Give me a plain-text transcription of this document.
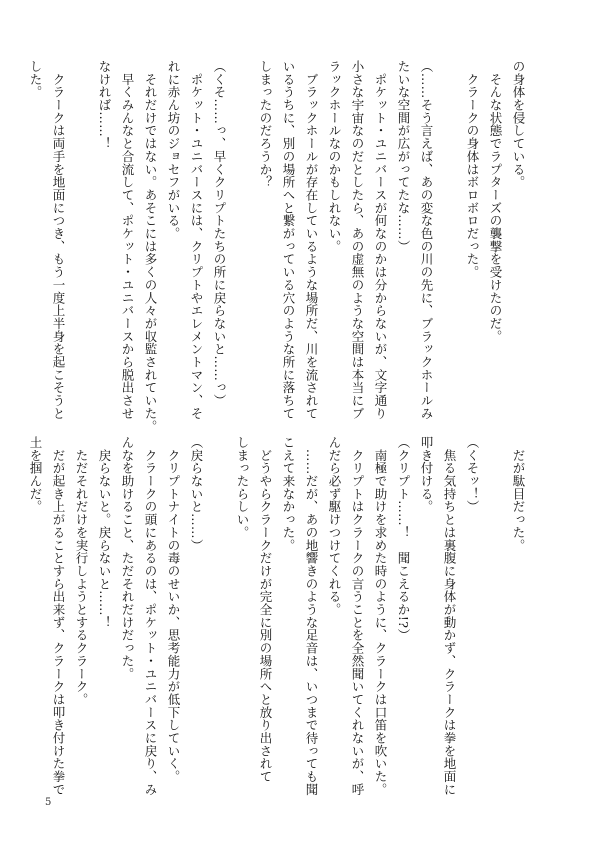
の身体を侵している。
　そんな状態でラプターズの襲撃を受けたのだ。
　クラークの身体はボロボロだった。
（……そう言えば、あの変な色の川の先に、ブラックホールみ
たいな空間が広がってたな……）
　ポケット・ユニバースが何なのかは分からないが、文字通り
小さな宇宙なのだとしたら、あの虚無のような空間は本当にブ
ラックホールなのかもしれない。
　ブラックホールが存在しているような場所だ、川を流されて
いるうちに、別の場所へと繋がっている穴のような所に落ちて
しまったのだろうか？
（くそ……っ、早くクリプトたちの所に戻らないと……っ）
　ポケット・ユニバースには、クリプトやエレメントマン、そ
れに赤ん坊のジョセフがいる。
　それだけではない。あそこには多くの人々が収監されていた。
　早くみんなと合流して、ポケット・ユニバースから脱出させ
なければ……！
　クラークは両手を地面につき、もう一度上半身を起こそうと
した。
　だが駄目だった。
（くそッ！）
　焦る気持ちとは裏腹に身体が動かず、クラークは拳を地面に
叩き付ける。
（クリプト……！　聞こえるか!?）
　南極で助けを求めた時のように、クラークは口笛を吹いた。
　クリプトはクラークの言うことを全然聞いてくれないが、呼
んだら必ず駆けつけてくれる。
　……だが、あの地響きのような足音は、いつまで待っても聞
こえて来なかった。
　どうやらクラークだけが完全に別の場所へと放り出されて
しまったらしい。
（戻らないと……）
　クリプトナイトの毒のせいか、思考能力が低下していく。
　クラークの頭にあるのは、ポケット・ユニバースに戻り、み
んなを助けること、ただそれだけだった。
　戻らないと。戻らないと……！
　ただそれだけを実行しようとするクラーク。
　だが起き上がることすら出来ず、クラークは叩き付けた拳で
土を掴んだ。
5
